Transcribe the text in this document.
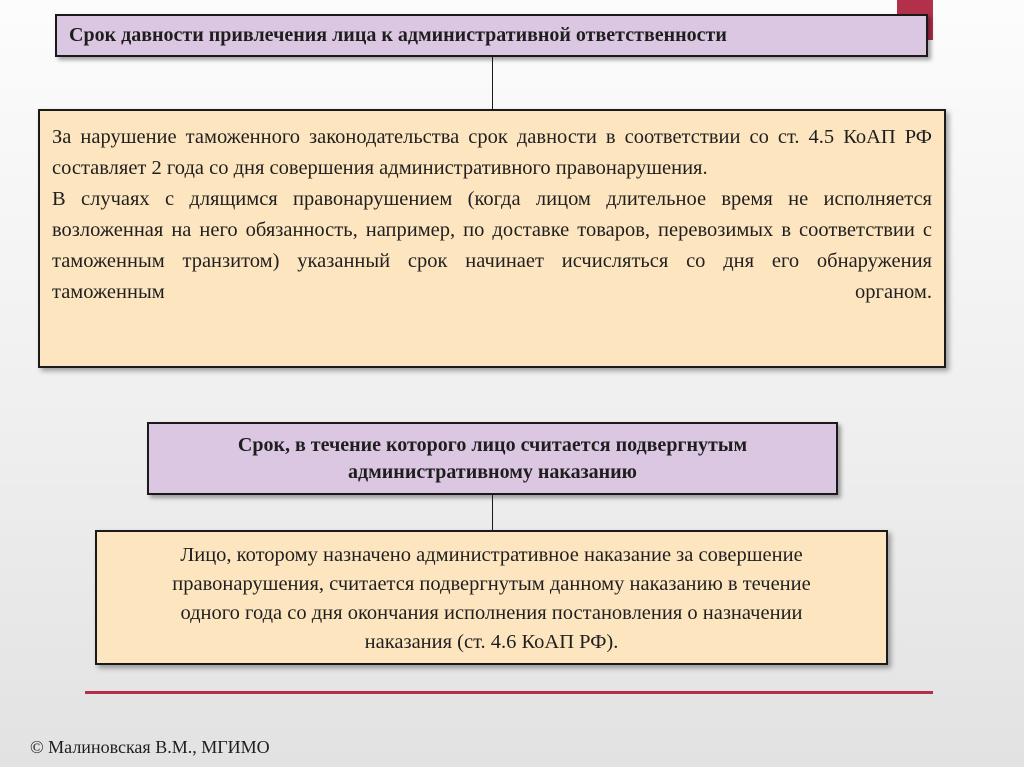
Срок давности привлечения лица к административной ответственности

За нарушение таможенного законодательства срок давности в соответствии со ст. 4.5 КоАП РФ составляет 2 года со дня совершения административного правонарушения.

В случаях с длящимся правонарушением (когда лицом длительное время не исполняется возложенная на него обязанность, например, по доставке товаров, перевозимых в соответствии с таможенным транзитом) указанный срок начинает исчисляться со дня его обнаружения таможенным органом.

Срок, в течение которого лицо считается подвергнутым административному наказанию
Лицо, которому назначено административное наказание за совершение правонарушения, считается подвергнутым данному наказанию в течение одного года со дня окончания исполнения постановления о назначении наказания (ст. 4.6 КоАП РФ).
© Малиновская В.М., МГИМО
